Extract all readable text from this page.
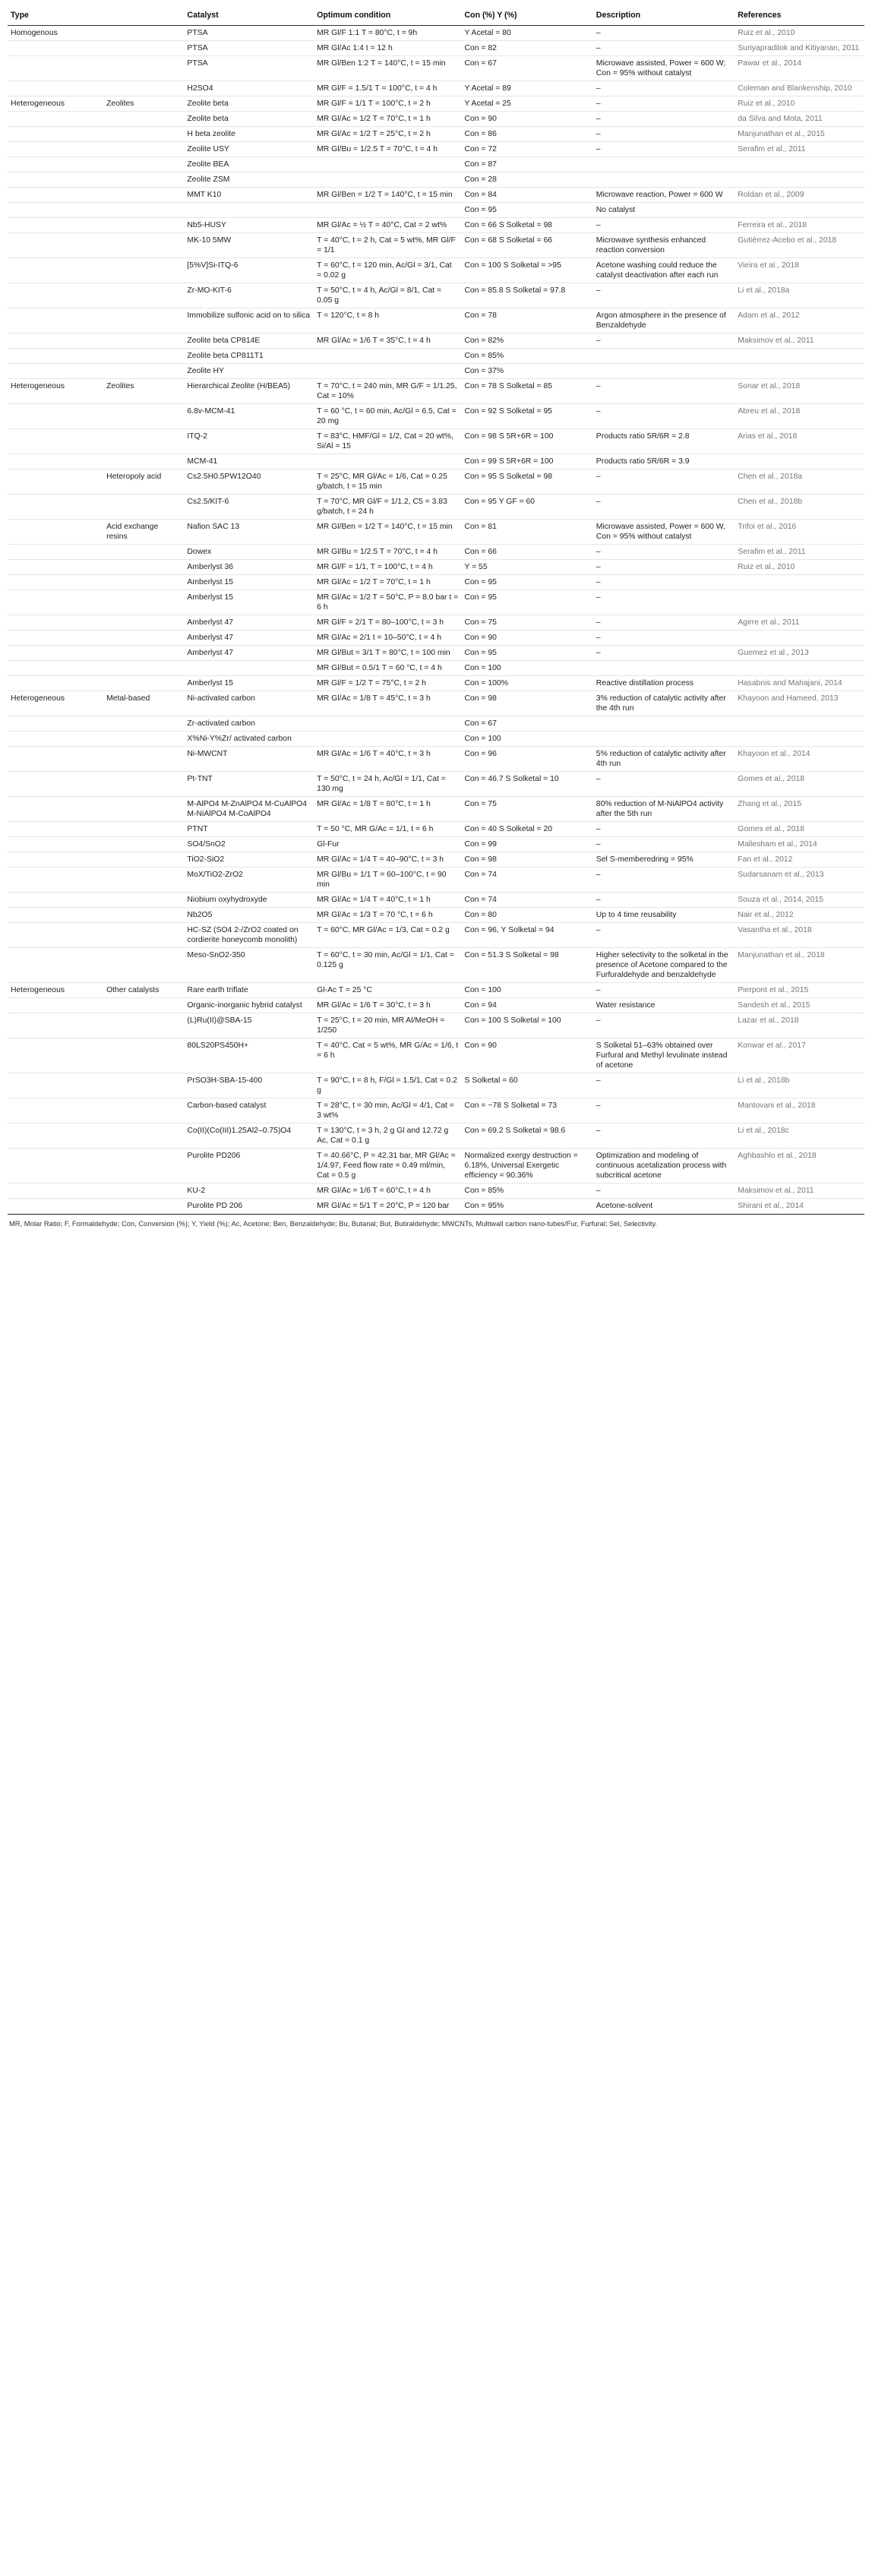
Type		Catalyst	Optimum condition	Con (%) Y (%)	Description	References
Homogenous		PTSA	MR Gl/F 1:1 T = 80°C, t = 9h	Y Acetal = 80	–	Ruiz et al., 2010
		PTSA	MR Gl/Ac 1:4 t = 12 h	Con = 82	–	Suriyapradilok and Kitiyanan, 2011
		PTSA	MR Gl/Ben 1:2 T = 140°C, t = 15 min	Con = 67	Microwave assisted, Power = 600 W; Con = 95% without catalyst	Pawar et al., 2014
		H2SO4	MR Gl/F = 1.5/1 T = 100°C, t = 4 h	Y Acetal = 89	–	Coleman and Blankenship, 2010
Heterogeneous	Zeolites	Zeolite beta	MR Gl/F = 1/1 T = 100°C, t = 2 h	Y Acetal = 25	–	Ruiz et al., 2010
		Zeolite beta	MR Gl/Ac = 1/2 T = 70°C, t = 1 h	Con = 90	–	da Silva and Mota, 2011
		H beta zeolite	MR Gl/Ac = 1/2 T = 25°C, t = 2 h	Con = 86	–	Manjunathan et al., 2015
		Zeolite USY	MR Gl/Bu = 1/2.5 T = 70°C, t = 4 h	Con = 72	–	Serafim et al., 2011
		Zeolite BEA		Con = 87		
		Zeolite ZSM		Con = 28		
		MMT K10	MR Gl/Ben = 1/2 T = 140°C, t = 15 min	Con = 84	Microwave reaction, Power = 600 W	Roldan et al., 2009
				Con = 95	No catalyst	
		Nb5-HUSY	MR Gl/Ac = ½ T = 40°C, Cat = 2 wt%	Con = 66 S Solketal = 98	–	Ferreira et al., 2018
		MK-10 5MW	T = 40°C, t = 2 h, Cat = 5 wt%, MR Gl/F = 1/1	Con = 68 S Solketal = 66	Microwave synthesis enhanced reaction conversion	Gutiérrez-Acebo et al., 2018
		[5%V]Si-ITQ-6	T = 60°C, t = 120 min, Ac/Gl = 3/1, Cat = 0.02 g	Con = 100 S Solketal = >95	Acetone washing could reduce the catalyst deactivation after each run	Vieira et al., 2018
		Zr-MO-KIT-6	T = 50°C, t = 4 h, Ac/Gl = 8/1, Cat = 0.05 g	Con = 85.8 S Solketal = 97.8	–	Li et al., 2018a
		Immobilize sulfonic acid on to silica	T = 120°C, t = 8 h	Con = 78	Argon atmosphere in the presence of Benzaldehyde	Adam et al., 2012
		Zeolite beta CP814E	MR Gl/Ac = 1/6 T = 35°C, t = 4 h	Con = 82%	–	Maksimov et al., 2011
		Zeolite beta CP811T1		Con = 85%		
		Zeolite HY		Con = 37%		
Heterogeneous	Zeolites	Hierarchical Zeolite (H/BEA5)	T = 70°C, t = 240 min, MR G/F = 1/1.25, Cat = 10%	Con = 78 S Solketal = 85	–	Sonar et al., 2018
		6.8v-MCM-41	T = 60 °C, t = 60 min, Ac/Gl = 6.5, Cat = 20 mg	Con = 92 S Solketal = 95	–	Abreu et al., 2018
		ITQ-2	T = 83°C, HMF/Gl = 1/2, Cat = 20 wt%, Si/Al = 15	Con = 98 S 5R+6R = 100	Products ratio 5R/6R = 2.8	Arias et al., 2018
		MCM-41		Con = 99 S 5R+6R = 100	Products ratio 5R/6R = 3.9	
	Heteropoly acid	Cs2.5H0.5PW12O40	T = 25°C, MR Gl/Ac = 1/6, Cat = 0.25 g/batch, t = 15 min	Con = 95 S Solketal = 98	–	Chen et al., 2018a
		Cs2.5/KIT-6	T = 70°C, MR Gl/F = 1/1.2, C5 = 3.83 g/batch, t = 24 h	Con = 95 Y GF = 60	–	Chen et al., 2018b
	Acid exchange resins	Nafion SAC 13	MR Gl/Ben = 1/2 T = 140°C, t = 15 min	Con = 81	Microwave assisted, Power = 600 W, Con = 95% without catalyst	Trifoi et al., 2016
		Dowex	MR Gl/Bu = 1/2.5 T = 70°C, t = 4 h	Con = 66	–	Serafim et al., 2011
		Amberlyst 36	MR Gl/F = 1/1, T = 100°C, t = 4 h	Y = 55	–	Ruiz et al., 2010
		Amberlyst 15	MR Gl/Ac = 1/2 T = 70°C, t = 1 h	Con = 95	–	
		Amberlyst 15	MR Gl/Ac = 1/2 T = 50°C, P = 8.0 bar t = 6 h	Con = 95	–	
		Amberlyst 47	MR Gl/F = 2/1 T = 80–100°C, t = 3 h	Con = 75	–	Agirre et al., 2011
		Amberlyst 47	MR Gl/Ac = 2/1 t = 10–50°C, t = 4 h	Con = 90	–	
		Amberlyst 47	MR Gl/But = 3/1 T = 80°C, t = 100 min	Con = 95	–	Guemez et al., 2013
			MR Gl/But = 0.5/1 T = 60 °C, t = 4 h	Con = 100		
		Amberlyst 15	MR Gl/F = 1/2 T = 75°C, t = 2 h	Con = 100%	Reactive distillation process	Hasabnis and Mahajani, 2014
Heterogeneous	Metal-based	Ni-activated carbon	MR Gl/Ac = 1/8 T = 45°C, t = 3 h	Con = 98	3% reduction of catalytic activity after the 4th run	Khayoon and Hameed, 2013
		Zr-activated carbon		Con = 67		
		X%Ni-Y%Zr/ activated carbon		Con = 100		
		Ni-MWCNT	MR Gl/Ac = 1/6 T = 40°C, t = 3 h	Con = 96	5% reduction of catalytic activity after 4th run	Khayoon et al., 2014
		Pt-TNT	T = 50°C, t = 24 h, Ac/Gl = 1/1, Cat = 130 mg	Con = 46.7 S Solketal = 10	–	Gomes et al., 2018
		M-AlPO4 M-ZnAlPO4 M-CuAlPO4 M-NiAlPO4 M-CoAlPO4	MR Gl/Ac = 1/8 T = 80°C, t = 1 h	Con = 75	80% reduction of M-NiAlPO4 activity after the 5th run	Zhang et al., 2015
		PTNT	T = 50 °C, MR G/Ac = 1/1, t = 6 h	Con = 40 S Solketal = 20	–	Gomes et al., 2018
		SO4/SnO2	Gl-Fur	Con = 99	–	Mallesham et al., 2014
		TiO2-SiO2	MR Gl/Ac = 1/4 T = 40–90°C, t = 3 h	Con = 98	Sel S-memberedring = 95%	Fan et al., 2012
		MoX/TiO2-ZrO2	MR Gl/Bu = 1/1 T = 60–100°C, t = 90 min	Con = 74	–	Sudarsanam et al., 2013
		Niobium oxyhydroxyde	MR Gl/Ac = 1/4 T = 40°C, t = 1 h	Con = 74	–	Souza et al., 2014, 2015
		Nb2O5	MR Gl/Ac = 1/3 T = 70 °C, t = 6 h	Con = 80	Up to 4 time reusability	Nair et al., 2012
		HC-SZ (SO4 2-/ZrO2 coated on cordierite honeycomb monolith)	T = 60°C, MR Gl/Ac = 1/3, Cat = 0.2 g	Con = 96, Y Solketal = 94	–	Vasantha et al., 2018
		Meso-SnO2-350	T = 60°C, t = 30 min, Ac/Gl = 1/1, Cat = 0.125 g	Con = 51.3 S Solketal = 98	Higher selectivity to the solketal in the presence of Acetone compared to the Furfuraldehyde and benzaldehyde	Manjunathan et al., 2018
Heterogeneous	Other catalysts	Rare earth triflate	Gl-Ac T = 25 °C	Con = 100	–	Pierpont et al., 2015
		Organic-inorganic hybrid catalyst	MR Gl/Ac = 1/6 T = 30°C, t = 3 h	Con = 94	Water resistance	Sandesh et al., 2015
		(L)Ru(II)@SBA-15	T = 25°C, t = 20 min, MR Al/MeOH = 1/250	Con = 100 S Solketal = 100	–	Lazar et al., 2018
		80LS20PS450H+	T = 40°C, Cat = 5 wt%, MR G/Ac = 1/6, t = 6 h	Con = 90	S Solketal 51–63% obtained over Furfural and Methyl levulinate instead of acetone	Konwar et al., 2017
		PrSO3H-SBA-15-400	T = 90°C, t = 8 h, F/Gl = 1.5/1, Cat = 0.2 g	S Solketal = 60	–	Li et al., 2018b
		Carbon-based catalyst	T = 28°C, t = 30 min, Ac/Gl = 4/1, Cat = 3 wt%	Con = ~78 S Solketal = 73	–	Mantovani et al., 2018
		Co(II)(Co(III)1.25Al2–0.75)O4	T = 130°C, t = 3 h, 2 g Gl and 12.72 g Ac, Cat = 0.1 g	Con = 69.2 S Solketal = 98.6	–	Li et al., 2018c
		Purolite PD206	T = 40.66°C, P = 42.31 bar, MR Gl/Ac = 1/4.97, Feed flow rate = 0.49 ml/min, Cat = 0.5 g	Normalized exergy destruction = 6.18%, Universal Exergetic efficiency = 90.36%	Optimization and modeling of continuous acetalization process with subcritical acetone	Aghbashlo et al., 2018
		KU-2	MR Gl/Ac = 1/6 T = 60°C, t = 4 h	Con = 85%	–	Maksimov et al., 2011
		Purolite PD 206	MR Gl/Ac = 5/1 T = 20°C, P = 120 bar	Con = 95%	Acetone-solvent	Shirani et al., 2014
MR, Molar Ratio; F, Formaldehyde; Con, Conversion (%); Y, Yield (%); Ac, Acetone; Ben, Benzaldehyde; Bu, Butanal; But, Butiraldehyde; MWCNTs, Multiwall carbon nano-tubes/Fur, Furfural; Sel, Selectivity.
